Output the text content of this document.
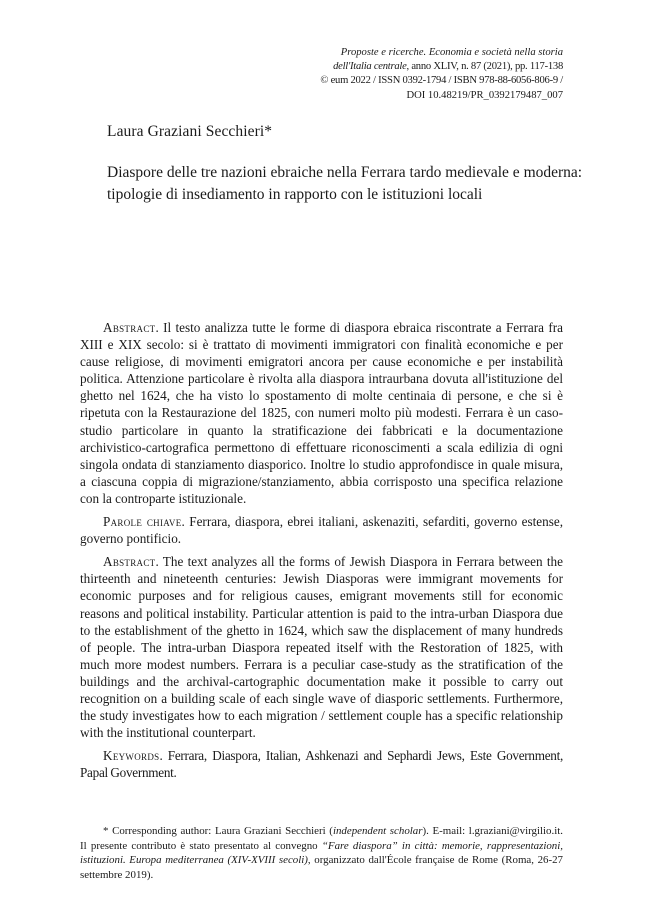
Proposte e ricerche. Economia e società nella storia
dell'Italia centrale, anno XLIV, n. 87 (2021), pp. 117-138
© eum 2022 / ISSN 0392-1794 / ISBN 978-88-6056-806-9 /
DOI 10.48219/PR_0392179487_007
Laura Graziani Secchieri*
Diaspore delle tre nazioni ebraiche nella Ferrara tardo medievale e moderna:
tipologie di insediamento in rapporto con le istituzioni locali

Abstract. Il testo analizza tutte le forme di diaspora ebraica riscontrate a Ferrara fra XIII e XIX secolo: si è trattato di movimenti immigratori con finalità economiche e per cause religiose, di movimenti emigratori ancora per cause economiche e per instabilità politica. Attenzione particolare è rivolta alla diaspora intraurbana dovuta all'istituzione del ghetto nel 1624, che ha visto lo spostamento di molte centinaia di persone, e che si è ripetuta con la Restaurazione del 1825, con numeri molto più modesti. Ferrara è un caso-studio particolare in quanto la stratificazione dei fabbricati e la documentazione archivistico-cartografica permettono di effettuare riconoscimenti a scala edilizia di ogni singola ondata di stanziamento diasporico. Inoltre lo studio approfondisce in quale misura, a ciascuna coppia di migrazione/stanziamento, abbia corrisposto una specifica relazione con la controparte istituzionale.

Parole chiave. Ferrara, diaspora, ebrei italiani, askenaziti, sefarditi, governo estense, governo pontificio.

Abstract. The text analyzes all the forms of Jewish Diaspora in Ferrara between the thirteenth and nineteenth centuries: Jewish Diasporas were immigrant movements for economic purposes and for religious causes, emigrant movements still for economic reasons and political instability. Particular attention is paid to the intra-urban Diaspora due to the establishment of the ghetto in 1624, which saw the displacement of many hundreds of people. The intra-urban Diaspora repeated itself with the Restoration of 1825, with much more modest numbers. Ferrara is a peculiar case-study as the stratification of the buildings and the archival-cartographic documentation make it possible to carry out recognition on a building scale of each single wave of diasporic settlements. Furthermore, the study investigates how to each migration / settlement couple has a specific relationship with the institutional counterpart.

Keywords. Ferrara, Diaspora, Italian, Ashkenazi and Sephardi Jews, Este Government, Papal Government.

* Corresponding author: Laura Graziani Secchieri (independent scholar). E-mail: l.graziani@virgilio.it. Il presente contributo è stato presentato al convegno “Fare diaspora” in città: memorie, rappresentazioni, istituzioni. Europa mediterranea (XIV-XVIII secoli), organizzato dall'École française de Rome (Roma, 26-27 settembre 2019).
